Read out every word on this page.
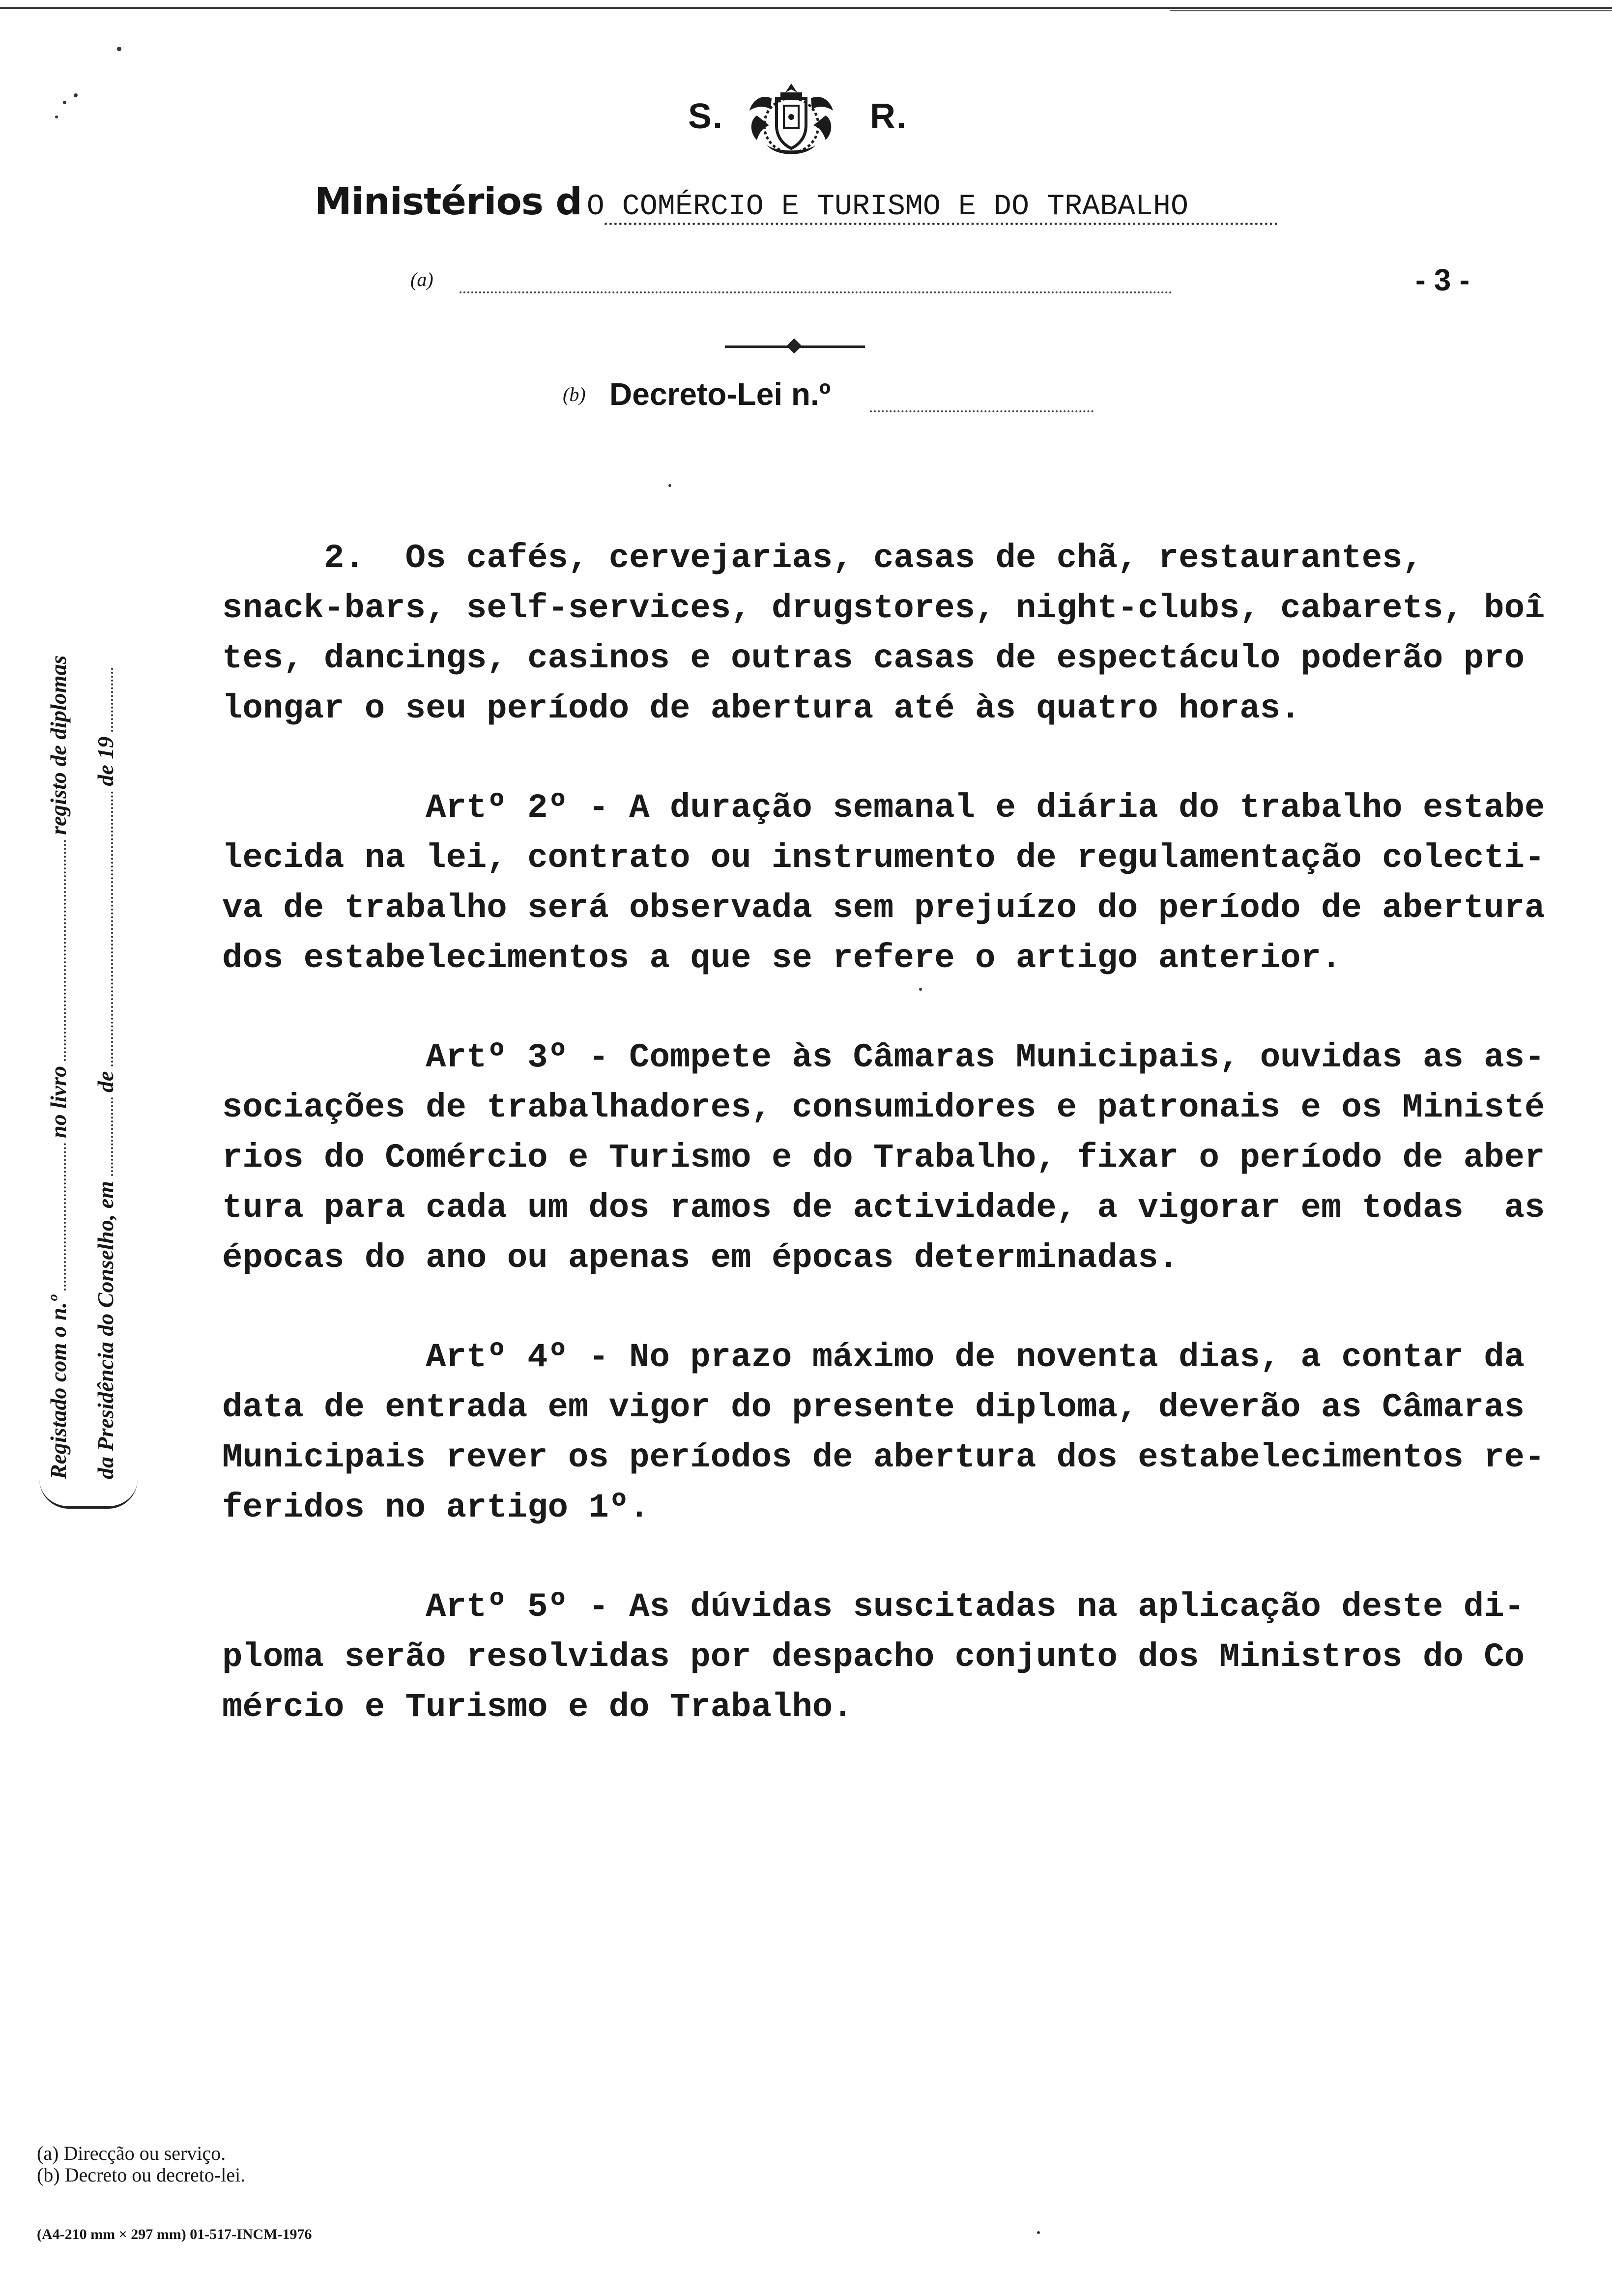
S.	R.
Ministérios d O COMÉRCIO E TURISMO E DO TRABALHO
(a)	- 3 -
(b) Decreto-Lei n.º
Registado com o n.ºno livroregisto de diplomas
da Presidência do Conselho, emdede 19
2.  Os cafés, cervejarias, casas de chã, restaurantes,
snack-bars, self-services, drugstores, night-clubs, cabarets, boî
tes, dancings, casinos e outras casas de espectáculo poderão pro
longar o seu período de abertura até às quatro horas.
Artº 2º - A duração semanal e diária do trabalho estabe
lecida na lei, contrato ou instrumento de regulamentação colecti-
va de trabalho será observada sem prejuízo do período de abertura
dos estabelecimentos a que se refere o artigo anterior.
Artº 3º - Compete às Câmaras Municipais, ouvidas as as-
sociações de trabalhadores, consumidores e patronais e os Ministé
rios do Comércio e Turismo e do Trabalho, fixar o período de aber
tura para cada um dos ramos de actividade, a vigorar em todas  as
épocas do ano ou apenas em épocas determinadas.
Artº 4º - No prazo máximo de noventa dias, a contar da
data de entrada em vigor do presente diploma, deverão as Câmaras
Municipais rever os períodos de abertura dos estabelecimentos re-
feridos no artigo 1º.
Artº 5º - As dúvidas suscitadas na aplicação deste di-
ploma serão resolvidas por despacho conjunto dos Ministros do Co
mércio e Turismo e do Trabalho.
(a) Direcção ou serviço.
(b) Decreto ou decreto-lei.
(A4-210 mm × 297 mm) 01-517-INCM-1976
